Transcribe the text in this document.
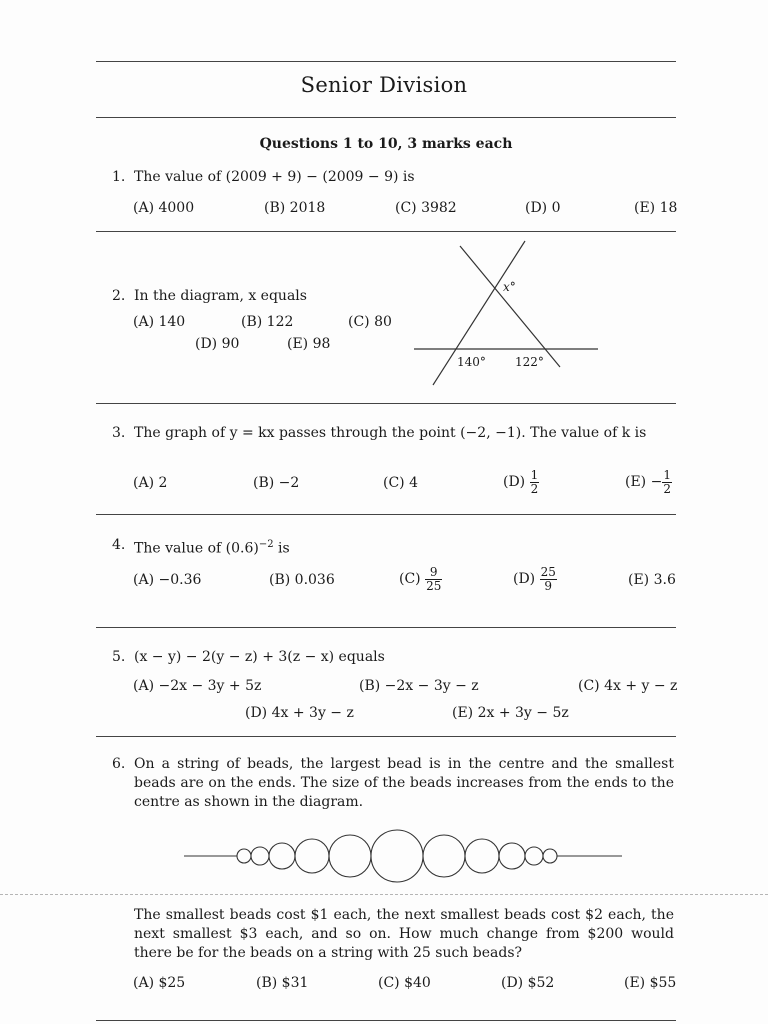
Senior Division
Questions 1 to 10, 3 marks each
1. The value of (2009 + 9) − (2009 − 9) is
(A) 4000	(B) 2018	(C) 3982	(D) 0	(E) 18
2. In the diagram, x equals
(A) 140	(B) 122	(C) 80
(D) 90	(E) 98
x°
140° 122°
3. The graph of y = kx passes through the point (−2, −1). The value of k is
(A) 2	(B) −2	(C) 4	$(D) \frac{1}{2}$	$(E) - \frac{1}{2}$
4. The value of $(0.6)^{-2}$ is
(A) −0.36	(B) 0.036	$(C) \frac{9}{25}$	$(D) \frac{25}{9}$	(E) 3.6
5. (x − y) − 2(y − z) + 3(z − x) equals
(A) −2x − 3y + 5z	(B) −2x − 3y − z	(C) 4x + y − z
(D) 4x + 3y − z	(E) 2x + 3y − 5z
6. On a string of beads, the largest bead is in the centre and the smallest beads are on the ends. The size of the beads increases from the ends to the centre as shown in the diagram.
The smallest beads cost $1 each, the next smallest beads cost $2 each, the next smallest $3 each, and so on. How much change from $200 would there be for the beads on a string with 25 such beads?
(A) $25	(B) $31	(C) $40	(D) $52	(E) $55
